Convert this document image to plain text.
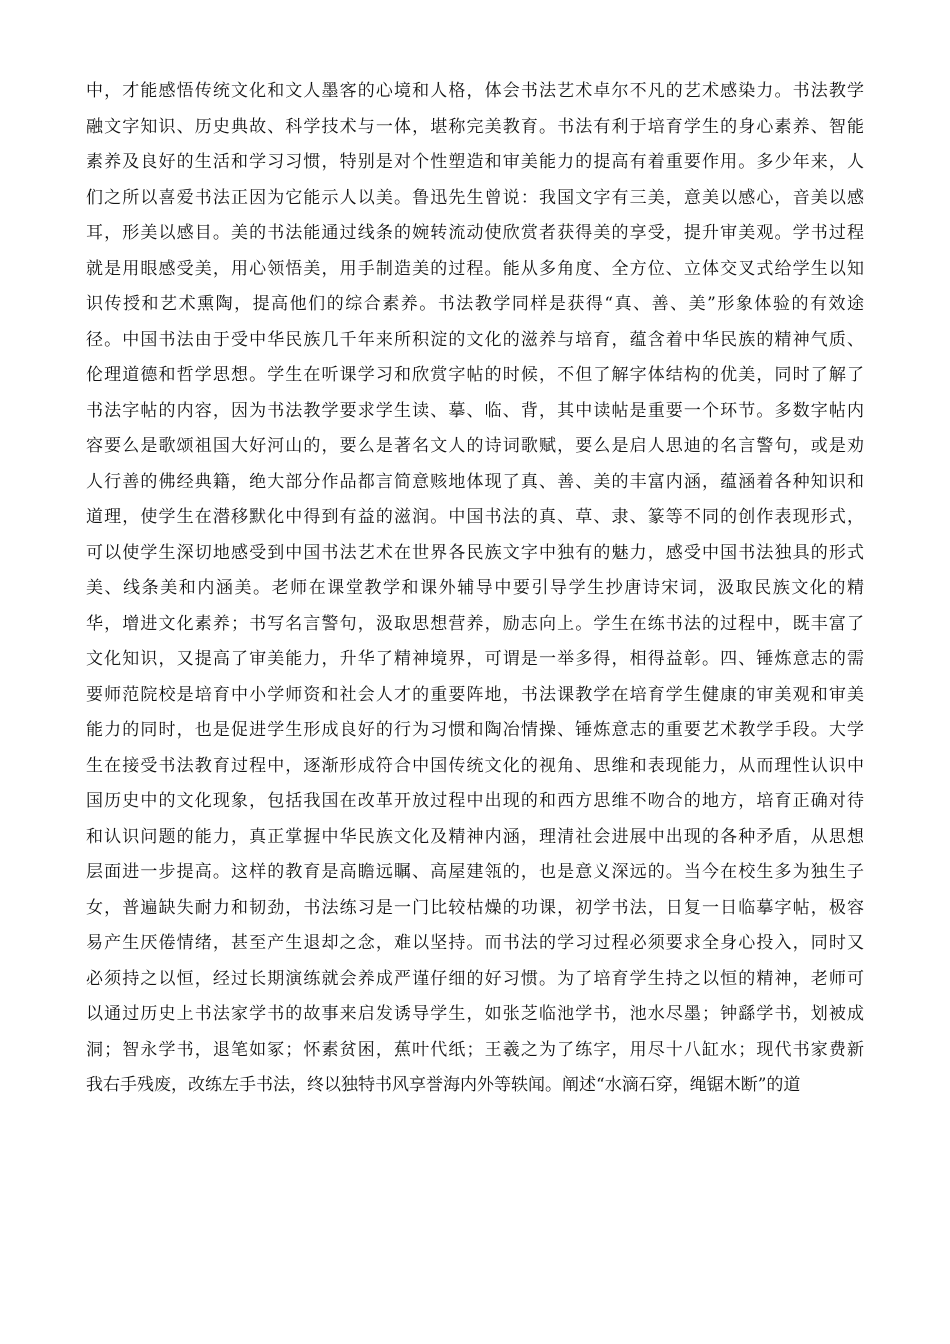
中，才能感悟传统文化和文人墨客的心境和人格，体会书法艺术卓尔不凡的艺术感染力。书法教学
融文字知识、历史典故、科学技术与一体，堪称完美教育。书法有利于培育学生的身心素养、智能
素养及良好的生活和学习习惯，特别是对个性塑造和审美能力的提高有着重要作用。多少年来，人
们之所以喜爱书法正因为它能示人以美。鲁迅先生曾说：我国文字有三美，意美以感心，音美以感
耳，形美以感目。美的书法能通过线条的婉转流动使欣赏者获得美的享受，提升审美观。学书过程
就是用眼感受美，用心领悟美，用手制造美的过程。能从多角度、全方位、立体交叉式给学生以知
识传授和艺术熏陶，提高他们的综合素养。书法教学同样是获得“真、善、美”形象体验的有效途
径。中国书法由于受中华民族几千年来所积淀的文化的滋养与培育，蕴含着中华民族的精神气质、
伦理道德和哲学思想。学生在听课学习和欣赏字帖的时候，不但了解字体结构的优美，同时了解了
书法字帖的内容，因为书法教学要求学生读、摹、临、背，其中读帖是重要一个环节。多数字帖内
容要么是歌颂祖国大好河山的，要么是著名文人的诗词歌赋，要么是启人思迪的名言警句，或是劝
人行善的佛经典籍，绝大部分作品都言简意赅地体现了真、善、美的丰富内涵，蕴涵着各种知识和
道理，使学生在潜移默化中得到有益的滋润。中国书法的真、草、隶、篆等不同的创作表现形式，
可以使学生深切地感受到中国书法艺术在世界各民族文字中独有的魅力，感受中国书法独具的形式
美、线条美和内涵美。老师在课堂教学和课外辅导中要引导学生抄唐诗宋词，汲取民族文化的精
华，增进文化素养；书写名言警句，汲取思想营养，励志向上。学生在练书法的过程中，既丰富了
文化知识，又提高了审美能力，升华了精神境界，可谓是一举多得，相得益彰。四、锤炼意志的需
要师范院校是培育中小学师资和社会人才的重要阵地，书法课教学在培育学生健康的审美观和审美
能力的同时，也是促进学生形成良好的行为习惯和陶冶情操、锤炼意志的重要艺术教学手段。大学
生在接受书法教育过程中，逐渐形成符合中国传统文化的视角、思维和表现能力，从而理性认识中
国历史中的文化现象，包括我国在改革开放过程中出现的和西方思维不吻合的地方，培育正确对待
和认识问题的能力，真正掌握中华民族文化及精神内涵，理清社会进展中出现的各种矛盾，从思想
层面进一步提高。这样的教育是高瞻远瞩、高屋建瓴的，也是意义深远的。当今在校生多为独生子
女，普遍缺失耐力和韧劲，书法练习是一门比较枯燥的功课，初学书法，日复一日临摹字帖，极容
易产生厌倦情绪，甚至产生退却之念，难以坚持。而书法的学习过程必须要求全身心投入，同时又
必须持之以恒，经过长期演练就会养成严谨仔细的好习惯。为了培育学生持之以恒的精神，老师可
以通过历史上书法家学书的故事来启发诱导学生，如张芝临池学书，池水尽墨；钟繇学书，划被成
洞；智永学书，退笔如冢；怀素贫困，蕉叶代纸；王羲之为了练字，用尽十八缸水；现代书家费新
我右手残废，改练左手书法，终以独特书风享誉海内外等轶闻。阐述“水滴石穿，绳锯木断”的道
